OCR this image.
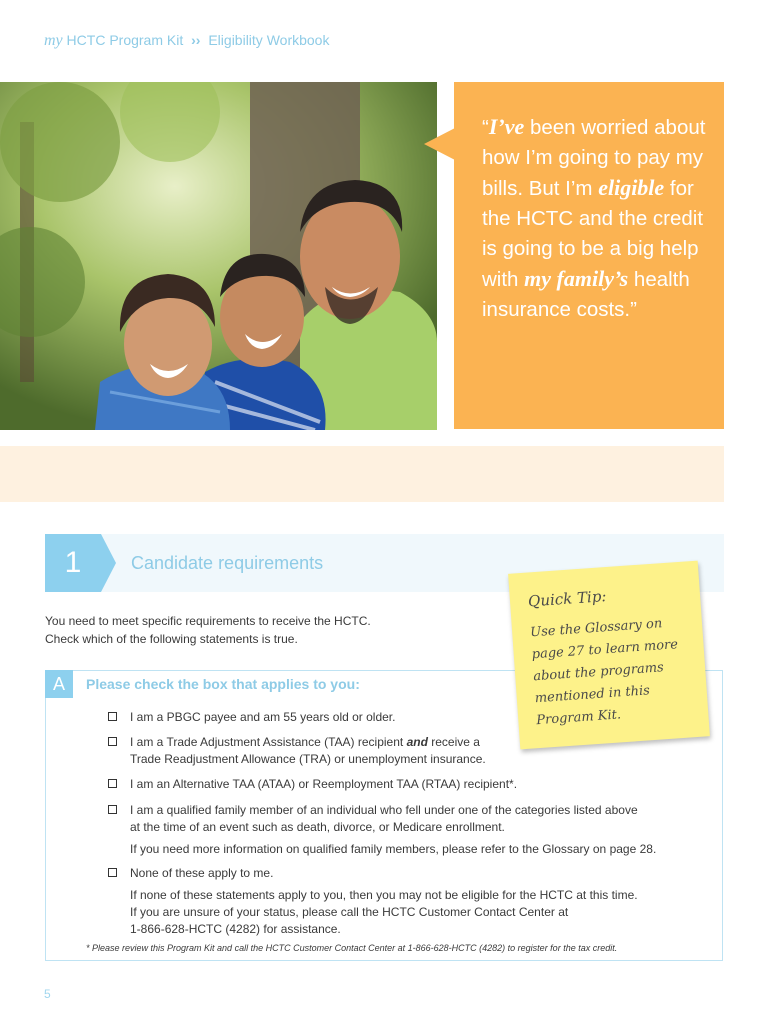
my HCTC Program Kit ›› Eligibility Workbook
“I’ve been worried about how I’m going to pay my bills. But I’m eligible for the HCTC and the credit is going to be a big help with my family’s health insurance costs.”
1	Candidate requirements

You need to meet specific requirements to receive the HCTC.

Check which of the following statements is true.

A	Please check the box that applies to you:

I am a PBGC payee and am 55 years old or older.

I am a Trade Adjustment Assistance (TAA) recipient and receive a

Trade Readjustment Allowance (TRA) or unemployment insurance.

I am an Alternative TAA (ATAA) or Reemployment TAA (RTAA) recipient*.

I am a qualified family member of an individual who fell under one of the categories listed above

at the time of an event such as death, divorce, or Medicare enrollment.

If you need more information on qualified family members, please refer to the Glossary on page 28.

None of these apply to me.

If none of these statements apply to you, then you may not be eligible for the HCTC at this time.

If you are unsure of your status, please call the HCTC Customer Contact Center at

1-866-628-HCTC (4282) for assistance.

* Please review this Program Kit and call the HCTC Customer Contact Center at 1-866-628-HCTC (4282) to register for the tax credit.
Quick Tip:
Use the Glossary on
page 27 to learn more
about the programs
mentioned in this
Program Kit.
5
